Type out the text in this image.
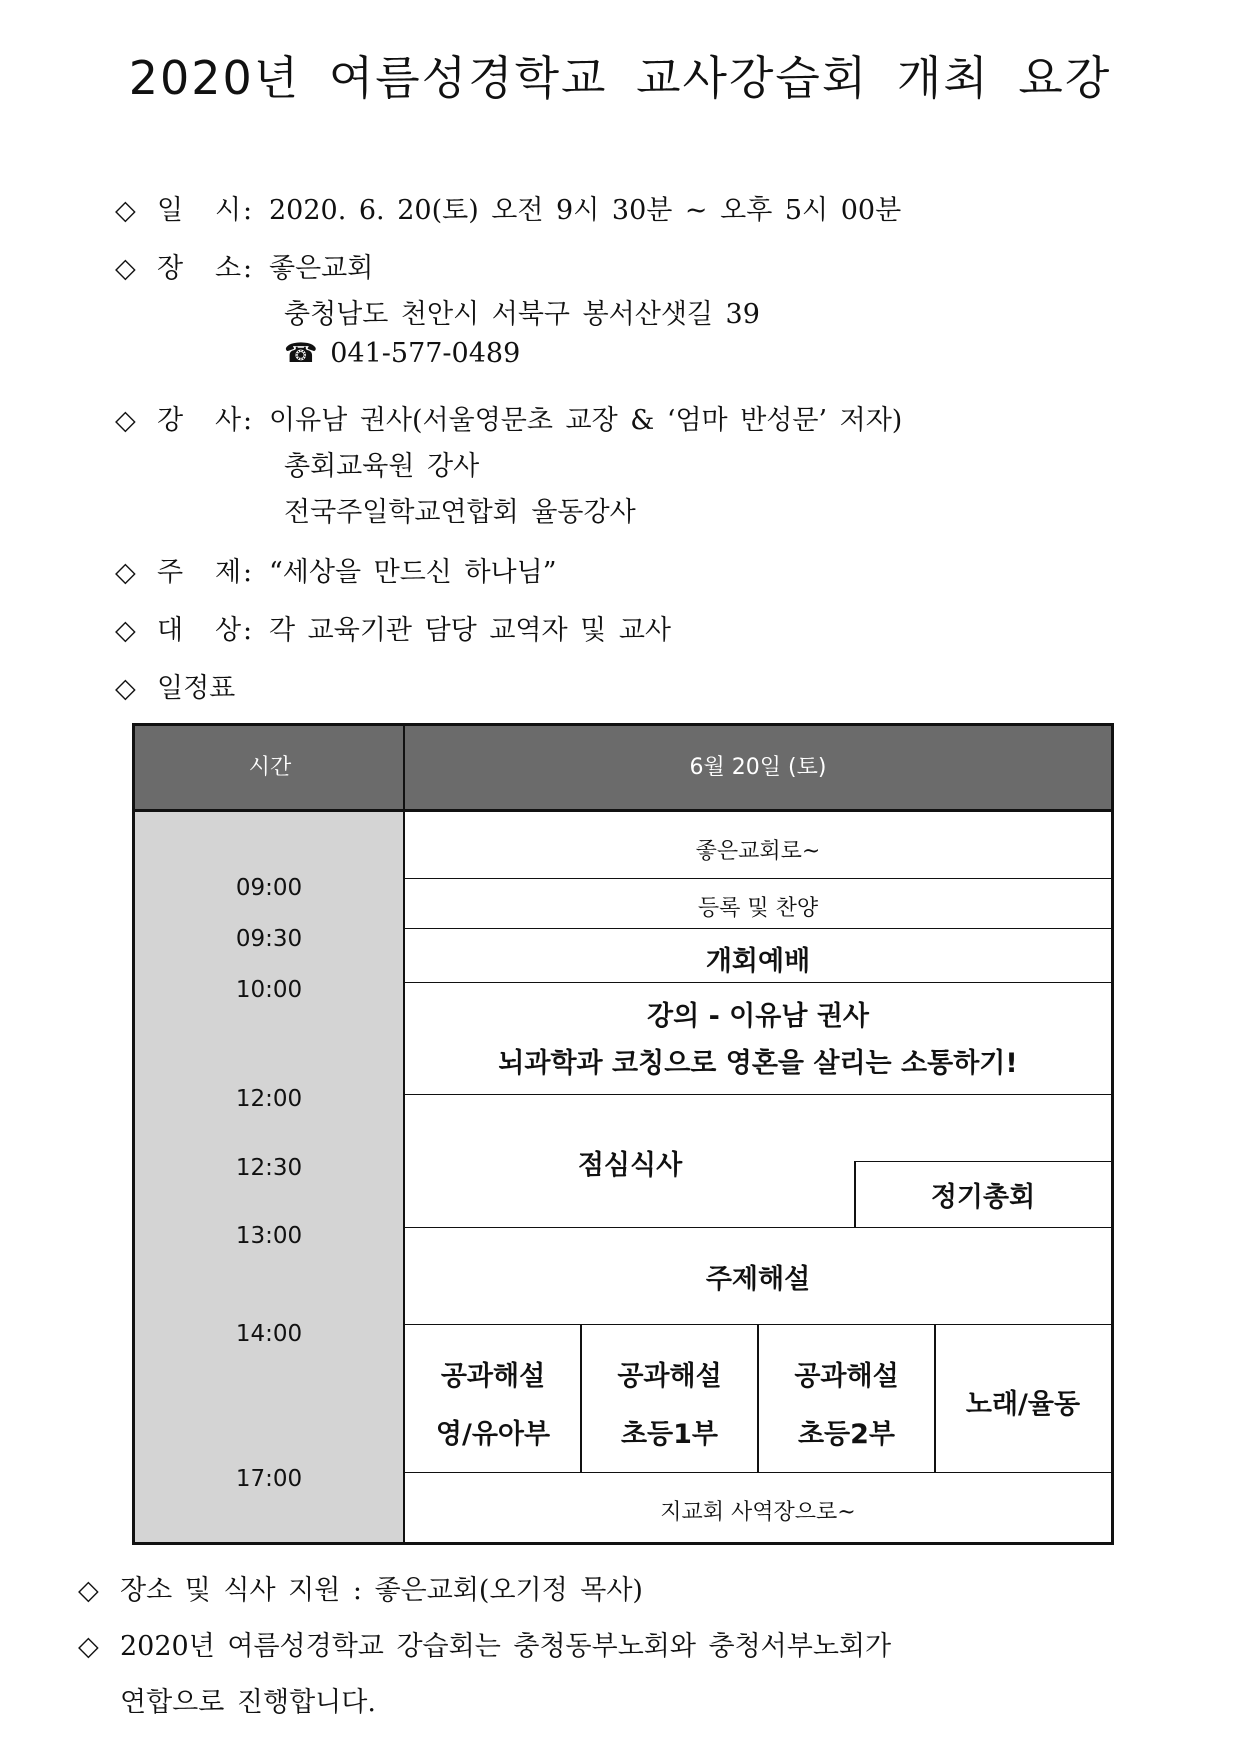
2020년 여름성경학교 교사강습회 개최 요강
◇ 일 시: 2020. 6. 20(토) 오전 9시 30분 ~ 오후 5시 00분
◇ 장 소: 좋은교회
충청남도 천안시 서북구 봉서산샛길 39
☎ 041-577-0489
◇ 강 사: 이유남 권사(서울영문초 교장 & ‘엄마 반성문’ 저자)
총회교육원 강사
전국주일학교연합회 율동강사
◇ 주 제: “세상을 만드신 하나님”
◇ 대 상: 각 교육기관 담당 교역자 및 교사
◇ 일정표
시간	6월 20일 (토)
09:00
09:30
10:00
12:00
12:30
13:00
14:00
17:00
좋은교회로~
등록 및 찬양
개회예배
강의 - 이유남 권사
뇌과학과 코칭으로 영혼을 살리는 소통하기!
점심식사
정기총회
주제해설
공과해설
영/유아부
공과해설
초등1부
공과해설
초등2부
노래/율동
지교회 사역장으로~
◇ 장소 및 식사 지원 : 좋은교회(오기정 목사)
◇ 2020년 여름성경학교 강습회는 충청동부노회와 충청서부노회가
연합으로 진행합니다.
